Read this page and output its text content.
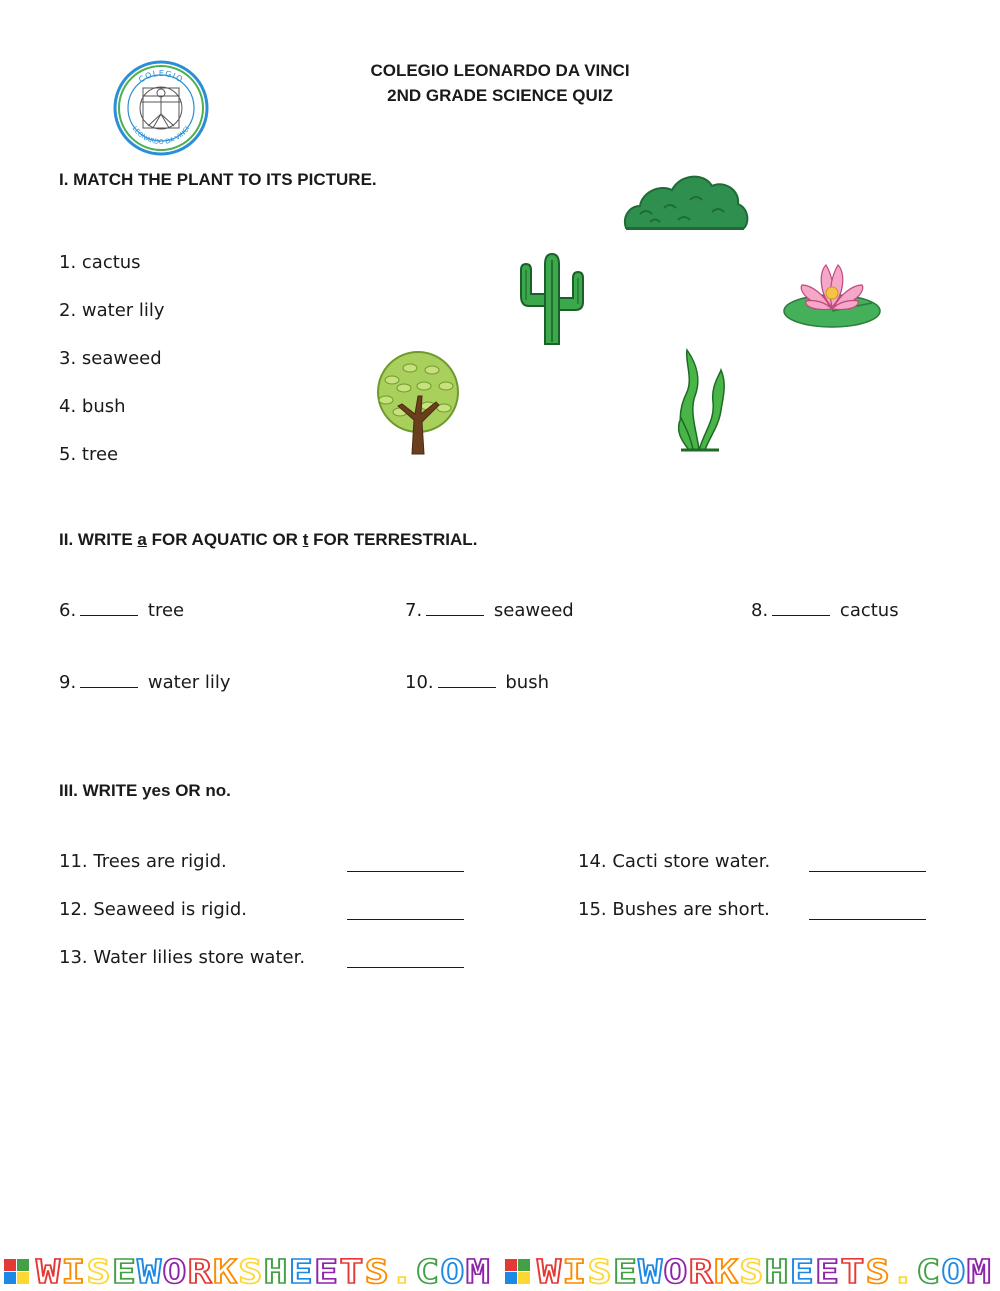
COLEGIO
LEONARDO DA VINCI
COLEGIO LEONARDO DA VINCI
2ND GRADE SCIENCE QUIZ
I. MATCH THE PLANT TO ITS PICTURE.
1. cactus
2. water lily
3. seaweed
4. bush
5. tree
II. WRITE a FOR AQUATIC OR t FOR TERRESTRIAL.
6.	tree	7.	seaweed	8.	cactus
9.	water lily	10.	bush
III. WRITE yes OR no.
11. Trees are rigid.
12. Seaweed is rigid.
13. Water lilies store water.
14. Cacti store water.
15. Bushes are short.
W I S E W O R K S H E E T S . C O M W I S E W O R K S H E E T S . C O M
